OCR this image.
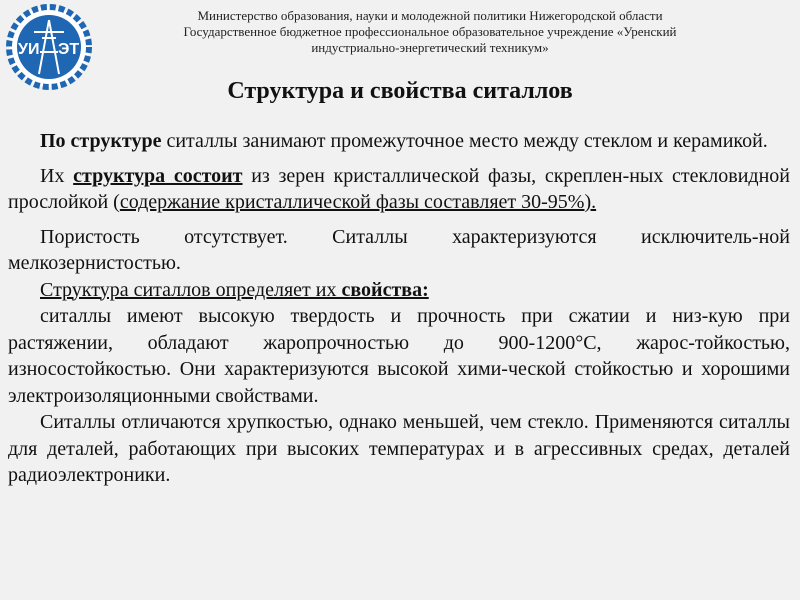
УИ ЭТ
Министерство образования, науки и молодежной политики Нижегородской области
Государственное бюджетное профессиональное образовательное учреждение «Уренский
индустриально-энергетический техникум»
Структура и свойства ситаллов

По структуре ситаллы занимают промежуточное место между стеклом и керамикой.

Их структура состоит из зерен кристаллической фазы, скреплен-ных стекловидной прослойкой (содержание кристаллической фазы составляет 30-95%).

Пористость отсутствует. Ситаллы характеризуются исключитель-ной мелкозернистостью.

Структура ситаллов определяет их свойства:

ситаллы имеют высокую твердость и прочность при сжатии и низ-кую при растяжении, обладают жаропрочностью до 900-1200°С, жарос-тойкостью, износостойкостью. Они характеризуются высокой хими-ческой стойкостью и хорошими электроизоляционными свойствами.

Ситаллы отличаются хрупкостью, однако меньшей, чем стекло. Применяются ситаллы для деталей, работающих при высоких температурах и в агрессивных средах, деталей радиоэлектроники.
